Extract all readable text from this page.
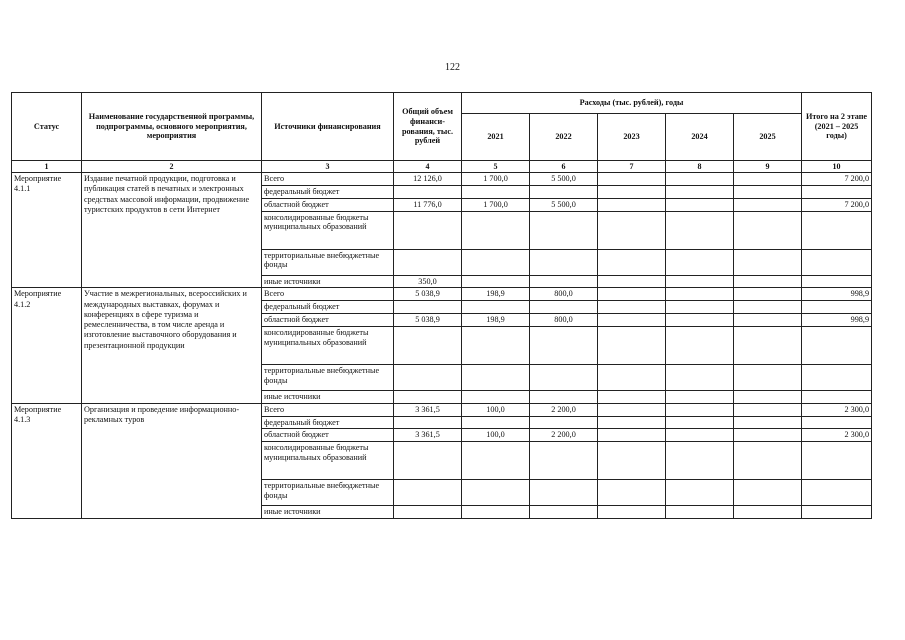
122
Статус	Наименование государственной программы, подпрограммы, основного мероприятия, мероприятия	Источники финансирования	Общий объем финанси-рования, тыс. рублей	Расходы (тыс. рублей), годы					Итого на 2 этапе (2021 – 2025 годы)
				2021	2022	2023	2024	2025	
1	2	3	4	5	6	7	8	9	10
Мероприятие 4.1.1	Издание печатной продукции, подготовка и публикация статей в печатных и электронных средствах массовой информации, продвижение туристских продуктов в сети Интернет	Всего	12 126,0	1 700,0	5 500,0				7 200,0
		федеральный бюджет							
		областной бюджет	11 776,0	1 700,0	5 500,0				7 200,0
		консолидированные бюджеты муниципальных образований							
		территориальные внебюджетные фонды							
		иные источники	350,0						
Мероприятие 4.1.2	Участие в межрегиональных, всероссийских и международных выставках, форумах и конференциях в сфере туризма и ремесленничества, в том числе аренда и изготовление выставочного оборудования и презентационной продукции	Всего	5 038,9	198,9	800,0				998,9
		федеральный бюджет							
		областной бюджет	5 038,9	198,9	800,0				998,9
		консолидированные бюджеты муниципальных образований							
		территориальные внебюджетные фонды							
		иные источники							
Мероприятие 4.1.3	Организация и проведение информационно-рекламных туров	Всего	3 361,5	100,0	2 200,0				2 300,0
		федеральный бюджет							
		областной бюджет	3 361,5	100,0	2 200,0				2 300,0
		консолидированные бюджеты муниципальных образований							
		территориальные внебюджетные фонды							
		иные источники							
